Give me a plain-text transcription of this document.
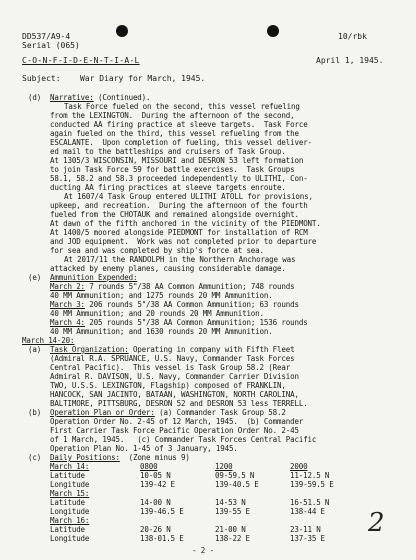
DD537/A9-4
Serial (065)
10/rbk
C-O-N-F-I-D-E-N-T-I-A-L	April 1, 1945.
Subject: War Diary for March, 1945.
(d) Narrative: (Continued).
Task Force fueled on the second, this vessel refueling
from the LEXINGTON.  During the afternoon of the second,
conducted AA firing practice at sleeve targets.  Task Force
again fueled on the third, this vessel refueling from the
ESCALANTE.  Upon completion of fueling, this vessel deliver-
ed mail to the battleships and cruisers of Task Group.
At 1305/3 WISCONSIN, MISSOURI and DESRON 53 left formation
to join Task Force 59 for battle exercises.  Task Groups
58.1, 58.2 and 58.3 proceeded independently to ULITHI, Con-
ducting AA firing practices at sleeve targets enroute.
At 1607/4 Task Group entered ULITHI ATOLL for provisions,
upkeep, and recreation.  During the afternoon of the fourth
fueled from the CHOTAUK and remained alongside overnight.
At dawn of the fifth anchored in the vicinity of the PIEDMONT.
At 1400/5 moored alongside PIEDMONT for installation of RCM
and JOD equipment.  Work was not completed prior to departure
for sea and was completed by ship's force at sea.
At 2017/11 the RANDOLPH in the Northern Anchorage was
attacked by enemy planes, causing considerable damage.
(e) Ammunition Expended:
March 2: 7 rounds 5"/38 AA Common Ammunition; 748 rounds
40 MM Ammunition; and 1275 rounds 20 MM Ammunition.
March 3: 206 rounds 5"/38 AA Common Ammunition; 63 rounds
40 MM Ammunition; and 20 rounds 20 MM Ammunition.
March 4: 205 rounds 5"/38 AA Common Ammunition; 1536 rounds
40 MM Ammunition; and 1630 rounds 20 MM Ammunition.
March 14-20:
(a) Task Organization: Operating in company with Fifth Fleet
(Admiral R.A. SPRUANCE, U.S. Navy, Commander Task Forces
Central Pacific).  This vessel is Task Group 58.2 (Rear
Admiral R. DAVISON, U.S. Navy, Commander Carrier Division
TWO, U.S.S. LEXINGTON, Flagship) composed of FRANKLIN,
HANCOCK, SAN JACINTO, BATAAN, WASHINGTON, NORTH CAROLINA,
BALTIMORE, PITTSBURG, DESRON 52 and DESRON 53 less TERRELL.
(b) Operation Plan or Order: (a) Commander Task Group 58.2
Operation Order No. 2-45 of 12 March, 1945.  (b) Commander
First Carrier Task Force Pacific Operation Order No. 2-45
of 1 March, 1945.   (c) Commander Task Forces Central Pacific
Operation Plan No. 1-45 of 3 January, 1945.
(c) Daily Positions:  (Zone minus 9)
March 14:	0800	1200	2000
Latitude	10-05 N	09-59.5 N	11-12.5 N
Longitude	139-42 E	139-40.5 E	139-59.5 E
March 15:
Latitude	14-00 N	14-53 N	16-51.5 N
Longitude	139-46.5 E	139-55 E	138-44 E
March 16:
Latitude	20-26 N	21-00 N	23-11 N
Longitude	138-01.5 E	138-22 E	137-35 E
- 2 -
2
